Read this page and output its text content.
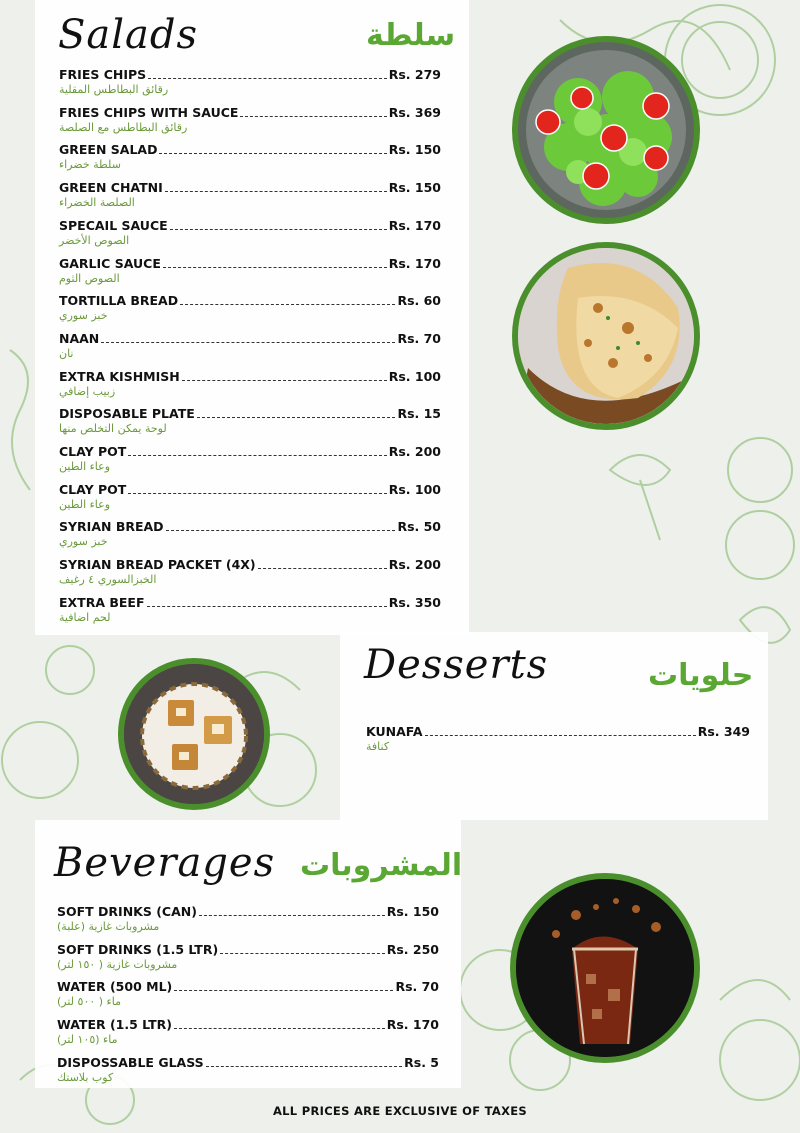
Salads	سلطة
FRIES CHIPS	Rs. 279
رقائق البطاطس المقلية
FRIES CHIPS WITH SAUCE	Rs. 369
رقائق البطاطس مع الصلصة
GREEN SALAD	Rs. 150
سلطة خضراء
GREEN CHATNI	Rs. 150
الصلصة الخضراء
SPECAIL SAUCE	Rs. 170
الصوص الأخضر
GARLIC SAUCE	Rs. 170
الصوص الثوم
TORTILLA BREAD	Rs. 60
خبز سوري
NAAN	Rs. 70
نان
EXTRA KISHMISH	Rs. 100
زبيب إضافي
DISPOSABLE PLATE	Rs. 15
لوحة يمكن التخلص منها
CLAY POT	Rs. 200
وعاء الطين
CLAY POT	Rs. 100
وعاء الطين
SYRIAN BREAD	Rs. 50
خبز سوري
SYRIAN BREAD PACKET (4X)	Rs. 200
الخبزالسوري ٤ رغيف
EXTRA BEEF	Rs. 350
لحم اضافية
Desserts	حلويات
KUNAFA	Rs. 349
كنافة
Beverages المشروبات
SOFT DRINKS (CAN)	Rs. 150
مشروبات غازية (علبة)
SOFT DRINKS (1.5 LTR)	Rs. 250
مشروبات غازية ( ١٥٠ لتر)
WATER (500 ML)	Rs. 70
ماء ( ٥٠٠ لتر)
WATER (1.5 LTR)	Rs. 170
ماء (١٠٥ لتر)
DISPOSSABLE GLASS	Rs. 5
كوب بلاستك
ALL PRICES ARE EXCLUSIVE OF TAXES
